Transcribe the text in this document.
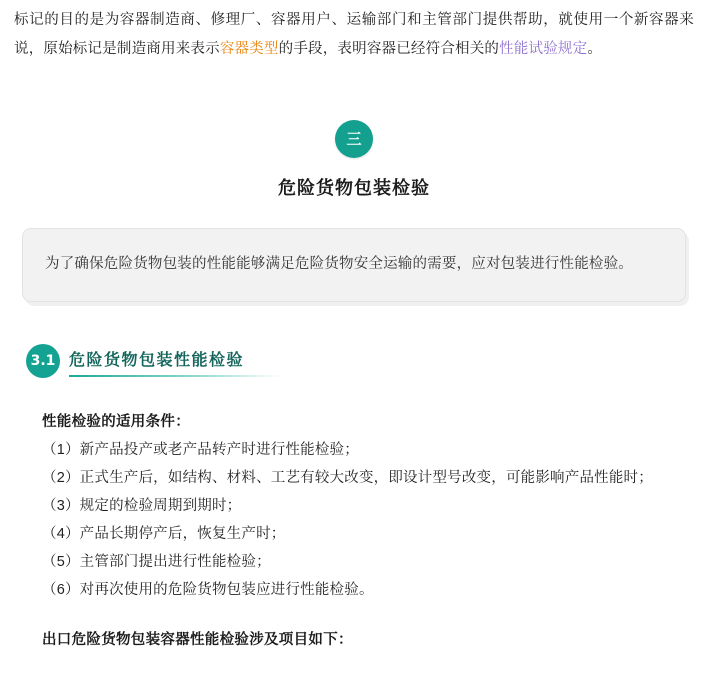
标记的目的是为容器制造商、修理厂、容器用户、运输部门和主管部门提供帮助，就使用一个新容器来说，原始标记是制造商用来表示容器类型的手段，表明容器已经符合相关的性能试验规定。

三
危险货物包装检验
为了确保危险货物包装的性能能够满足危险货物安全运输的需要，应对包装进行性能检验。
3.1 危险货物包装性能检验
性能检验的适用条件：
（1）新产品投产或老产品转产时进行性能检验；
（2）正式生产后，如结构、材料、工艺有较大改变，即设计型号改变，可能影响产品性能时；
（3）规定的检验周期到期时；
（4）产品长期停产后，恢复生产时；
（5）主管部门提出进行性能检验；
（6）对再次使用的危险货物包装应进行性能检验。
出口危险货物包装容器性能检验涉及项目如下：
